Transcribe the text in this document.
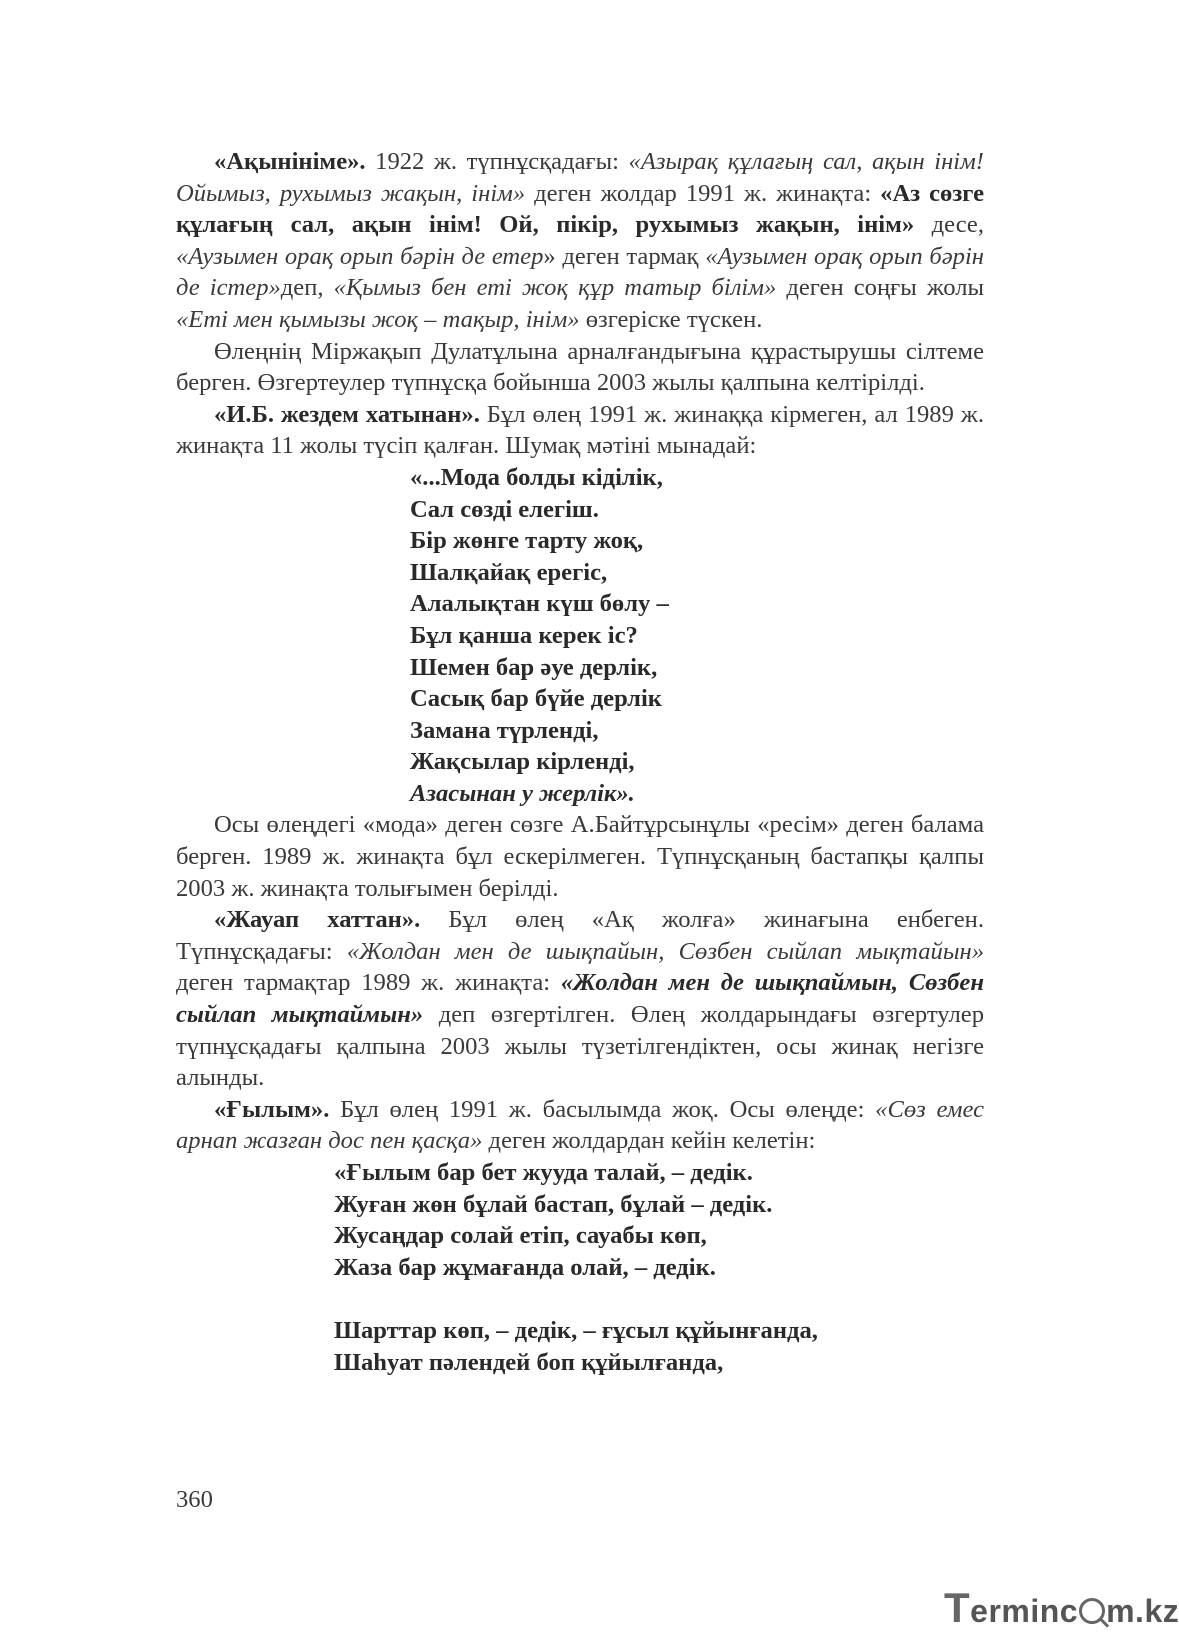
«Ақынініме». 1922 ж. түпнұсқадағы: «Азырақ құлағың сал, ақын інім! Ойымыз, рухымыз жақын, інім» деген жолдар 1991 ж. жинақта: «Аз сөзге құлағың сал, ақын інім! Ой, пікір, рухымыз жақын, інім» десе, «Аузымен орақ орып бәрін де етер» деген тармақ «Аузымен орақ орып бәрін де істер»деп, «Қымыз бен еті жоқ құр татыр білім» деген соңғы жолы «Еті мен қымызы жоқ – тақыр, інім» өзгеріске түскен.

Өлеңнің Міржақып Дулатұлына арналғандығына құрастырушы сілтеме берген. Өзгертеулер түпнұсқа бойынша 2003 жылы қалпына келтірілді.

«И.Б. жездем хатынан». Бұл өлең 1991 ж. жинаққа кірмеген, ал 1989 ж. жинақта 11 жолы түсіп қалған. Шумақ мәтіні мынадай:

«...Мода болды кіділік,
Сал сөзді елегіш.
Бір жөнге тарту жоқ,
Шалқайақ ерегіс,
Алалықтан күш бөлу –
Бұл қанша керек іс?
Шемен бар әуе дерлік,
Сасық бар бүйе дерлік
Замана түрленді,
Жақсылар кірленді,
Азасынан у жерлік».

Осы өлеңдегі «мода» деген сөзге А.Байтұрсынұлы «ресім» деген балама берген. 1989 ж. жинақта бұл ескерілмеген. Түпнұсқаның бастапқы қалпы 2003 ж. жинақта толығымен берілді.

«Жауап хаттан». Бұл өлең «Ақ жолға» жинағына енбеген. Түпнұсқадағы: «Жолдан мен де шықпайын, Сөзбен сыйлап мықтайын» деген тармақтар 1989 ж. жинақта: «Жолдан мен де шықпаймын, Сөзбен сыйлап мықтаймын» деп өзгертілген. Өлең жолдарындағы өзгертулер түпнұсқадағы қалпына 2003 жылы түзетілгендіктен, осы жинақ негізге алынды.

«Ғылым». Бұл өлең 1991 ж. басылымда жоқ. Осы өлеңде: «Сөз емес арнап жазған дос пен қасқа» деген жолдардан кейін келетін:

«Ғылым бар бет жууда талай, – дедік.
Жуған жөн бұлай бастап, бұлай – дедік.
Жусаңдар солай етіп, сауабы көп,
Жаза бар жұмағанда олай, – дедік.
Шарттар көп, – дедік, – ғұсыл құйынғанда,
Шаһуат пәлендей боп құйылғанда,
360
Terminc m.kz
